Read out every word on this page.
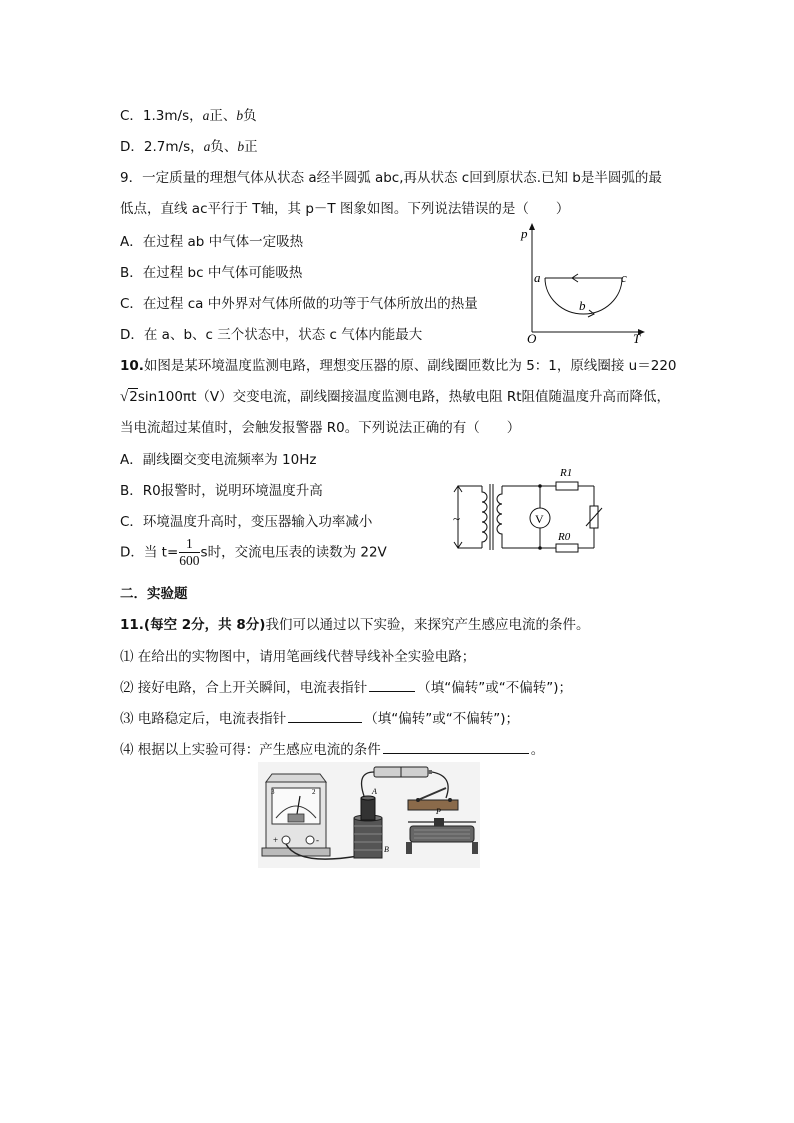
C．1.3m/s，a正、b负
D．2.7m/s，a负、b正
9．一定质量的理想气体从状态 a经半圆弧 abc,再从状态 c回到原状态.已知 b是半圆弧的最
低点，直线 ac平行于 T轴，其 p－T 图象如图。下列说法错误的是（　　）
A．在过程 ab 中气体一定吸热
B．在过程 bc 中气体可能吸热
C．在过程 ca 中外界对气体所做的功等于气体所放出的热量
D．在 a、b、c 三个状态中，状态 c 气体内能最大
p
T
O
a
b
c
10.如图是某环境温度监测电路，理想变压器的原、副线圈匝数比为 5：1，原线圈接 u＝220
√2sin100πt（V）交变电流，副线圈接温度监测电路，热敏电阻 Rt阻值随温度升高而降低，
当电流超过某值时，会触发报警器 R0。下列说法正确的有（　　）
A．副线圈交变电流频率为 10Hz
B．R0报警时，说明环境温度升高
C．环境温度升高时，变压器输入功率减小
D．当 $t= \frac{1}{600}$ s时，交流电压表的读数为 22V
~	V
R1
R0
二．实验题
11.(每空 2分，共 8分)我们可以通过以下实验，来探究产生感应电流的条件。
⑴ 在给出的实物图中，请用笔画线代替导线补全实验电路；
⑵ 接好电路，合上开关瞬间，电流表指针	（填“偏转”或“不偏转”)；
⑶ 电路稳定后，电流表指针	（填“偏转”或“不偏转”)；
⑷ 根据以上实验可得：产生感应电流的条件	。
3	2
+	-
B
A
P
